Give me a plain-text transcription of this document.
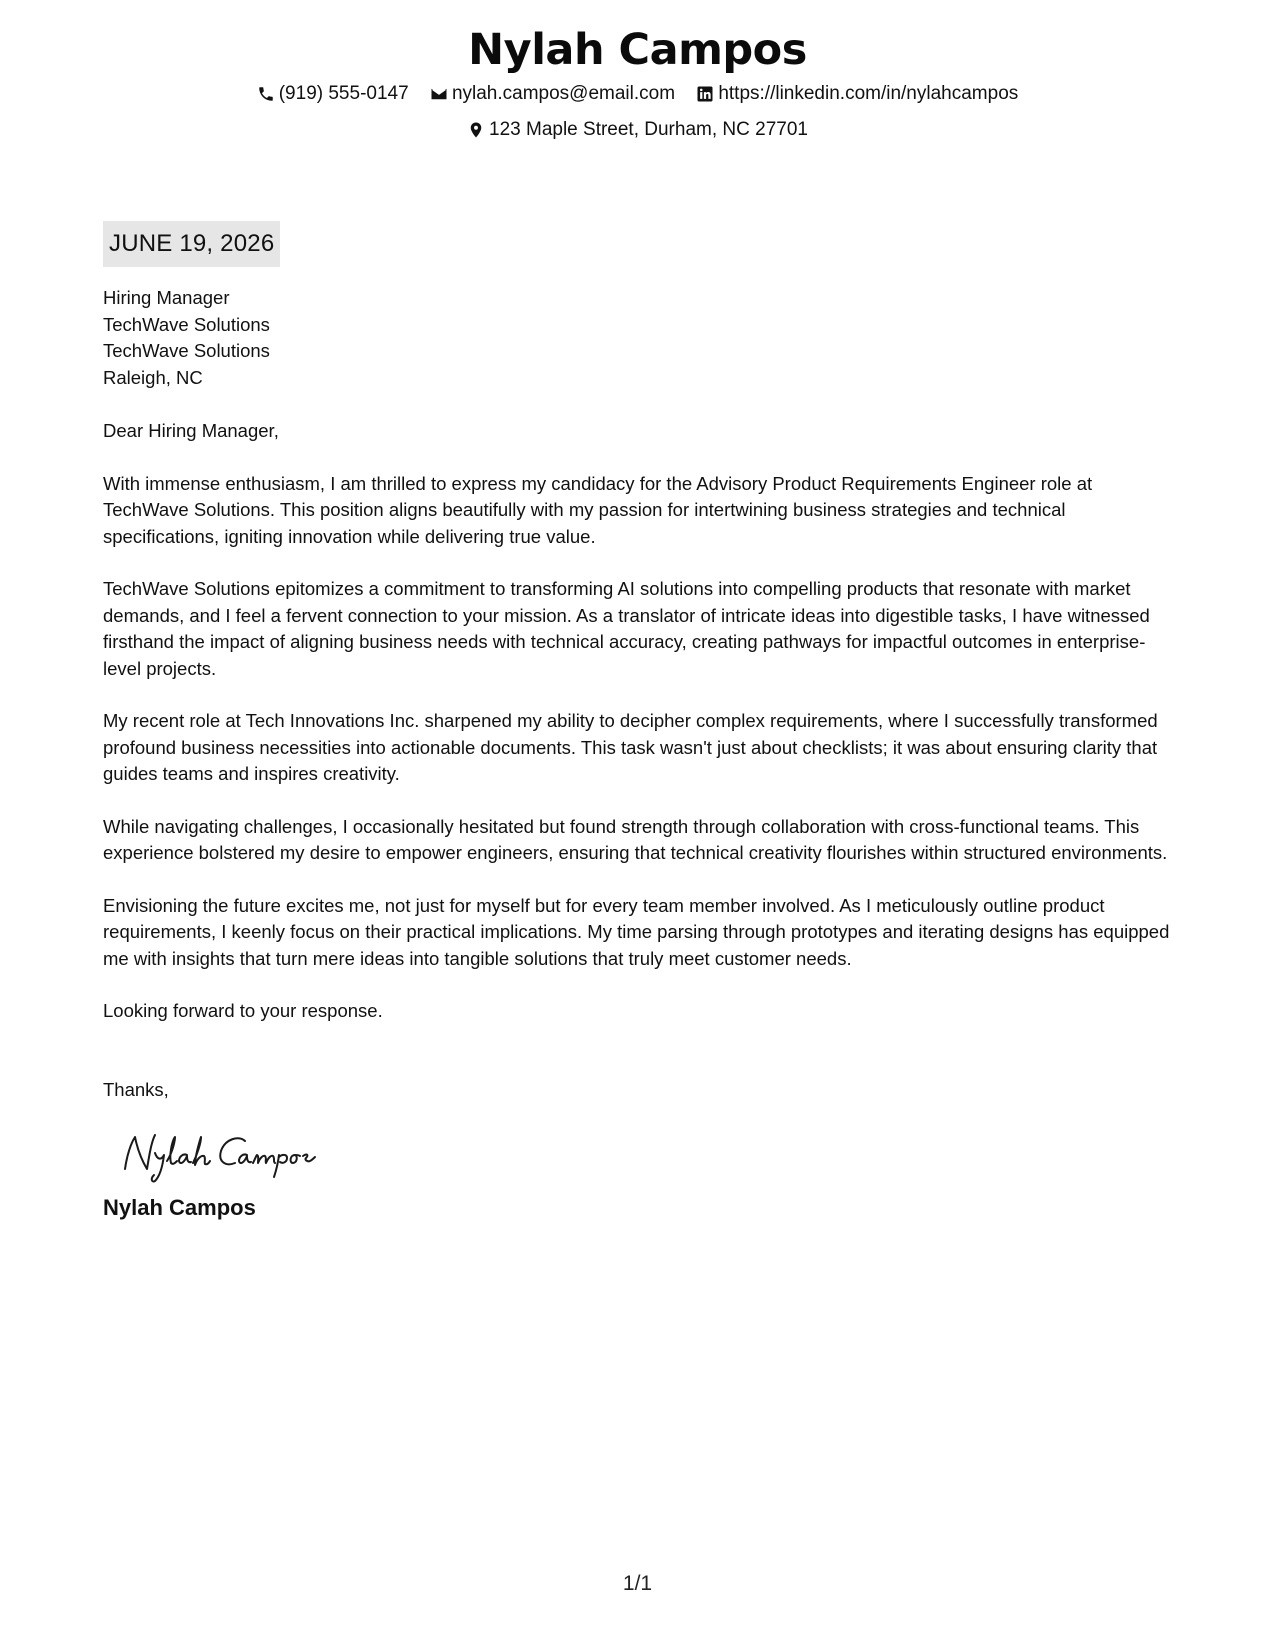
Nylah Campos
(919) 555-0147
nylah.campos@email.com
https://linkedin.com/in/nylahcampos
123 Maple Street, Durham, NC 27701
JUNE 19, 2026
Hiring Manager
TechWave Solutions
TechWave Solutions
Raleigh, NC
Dear Hiring Manager,

With immense enthusiasm, I am thrilled to express my candidacy for the Advisory Product Requirements Engineer role at TechWave Solutions. This position aligns beautifully with my passion for intertwining business strategies and technical specifications, igniting innovation while delivering true value.

TechWave Solutions epitomizes a commitment to transforming AI solutions into compelling products that resonate with market demands, and I feel a fervent connection to your mission. As a translator of intricate ideas into digestible tasks, I have witnessed firsthand the impact of aligning business needs with technical accuracy, creating pathways for impactful outcomes in enterprise-level projects.

My recent role at Tech Innovations Inc. sharpened my ability to decipher complex requirements, where I successfully transformed profound business necessities into actionable documents. This task wasn't just about checklists; it was about ensuring clarity that guides teams and inspires creativity.

While navigating challenges, I occasionally hesitated but found strength through collaboration with cross-functional teams. This experience bolstered my desire to empower engineers, ensuring that technical creativity flourishes within structured environments.

Envisioning the future excites me, not just for myself but for every team member involved. As I meticulously outline product requirements, I keenly focus on their practical implications. My time parsing through prototypes and iterating designs has equipped me with insights that turn mere ideas into tangible solutions that truly meet customer needs.

Looking forward to your response.
Thanks,
Nylah Campos
1/1
